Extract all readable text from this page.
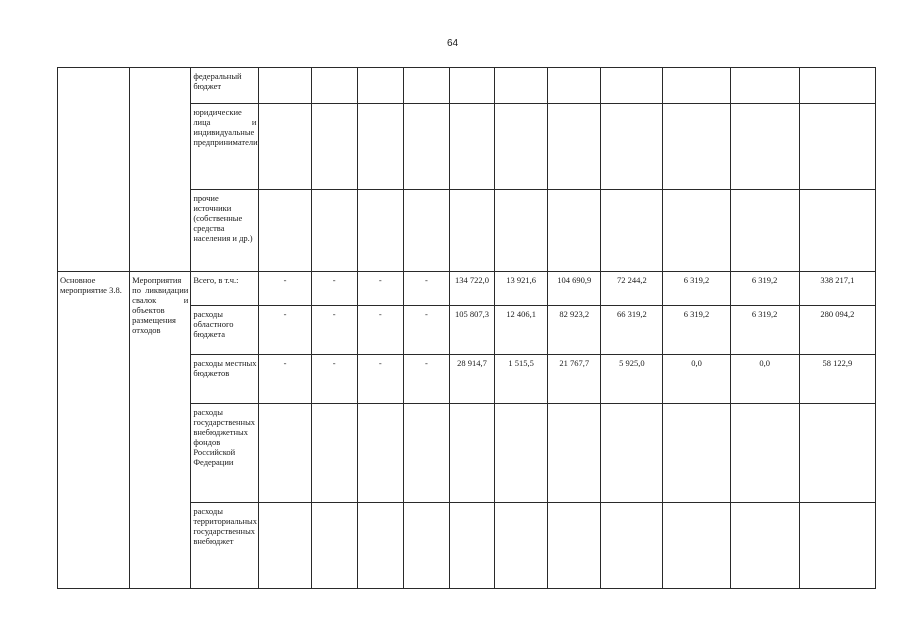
64
		федеральный бюджет											
		юридические лица и индивидуальные предприниматели											
		прочие источники (собственные средства населения и др.)											
Основное мероприятие 3.8.	Мероприятия по ликвидации свалок и объектов размещения отходов	Всего, в т.ч.:	-	-	-	-	134 722,0	13 921,6	104 690,9	72 244,2	6 319,2	6 319,2	338 217,1
		расходы областного бюджета	-	-	-	-	105 807,3	12 406,1	82 923,2	66 319,2	6 319,2	6 319,2	280 094,2
		расходы местных бюджетов	-	-	-	-	28 914,7	1 515,5	21 767,7	5 925,0	0,0	0,0	58 122,9
		расходы государственных внебюджетных фондов Российской Федерации											
		расходы территориальных государственных внебюджет											
